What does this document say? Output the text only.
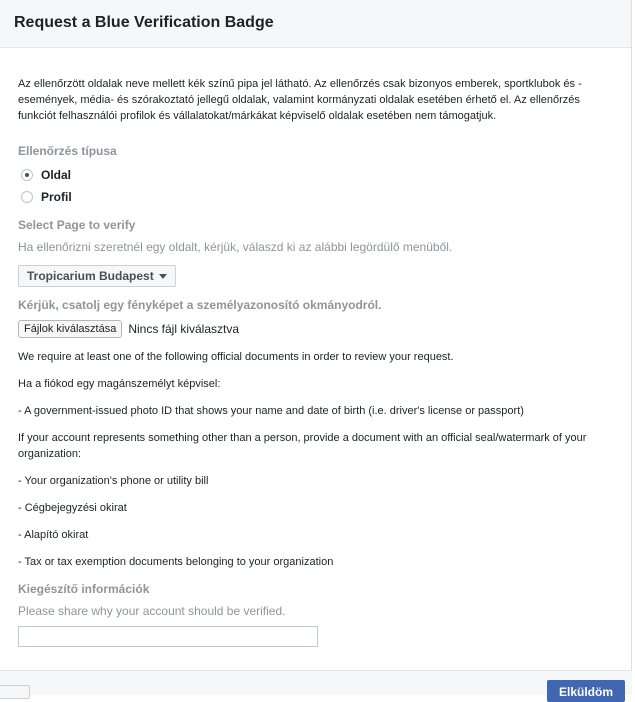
Request a Blue Verification Badge

Az ellenőrzött oldalak neve mellett kék színű pipa jel látható. Az ellenőrzés csak bizonyos emberek, sportklubok és -események, média- és szórakoztató jellegű oldalak, valamint kormányzati oldalak esetében érhető el. Az ellenőrzés funkciót felhasználói profilok és vállalatokat/márkákat képviselő oldalak esetében nem támogatjuk.

Ellenőrzés típusa

Oldal
Profil

Select Page to verify

Ha ellenőrizni szeretnél egy oldalt, kérjük, válaszd ki az alábbi legördülő menüből.

Tropicarium Budapest

Kérjük, csatolj egy fényképet a személyazonosító okmányodról.

Fájlok kiválasztása	Nincs fájl kiválasztva

We require at least one of the following official documents in order to review your request.

Ha a fiókod egy magánszemélyt képvisel:

- A government-issued photo ID that shows your name and date of birth (i.e. driver's license or passport)

If your account represents something other than a person, provide a document with an official seal/watermark of your organization:

- Your organization's phone or utility bill

- Cégbejegyzési okirat

- Alapító okirat

- Tax or tax exemption documents belonging to your organization

Kiegészítő információk

Please share why your account should be verified.

Elküldöm
